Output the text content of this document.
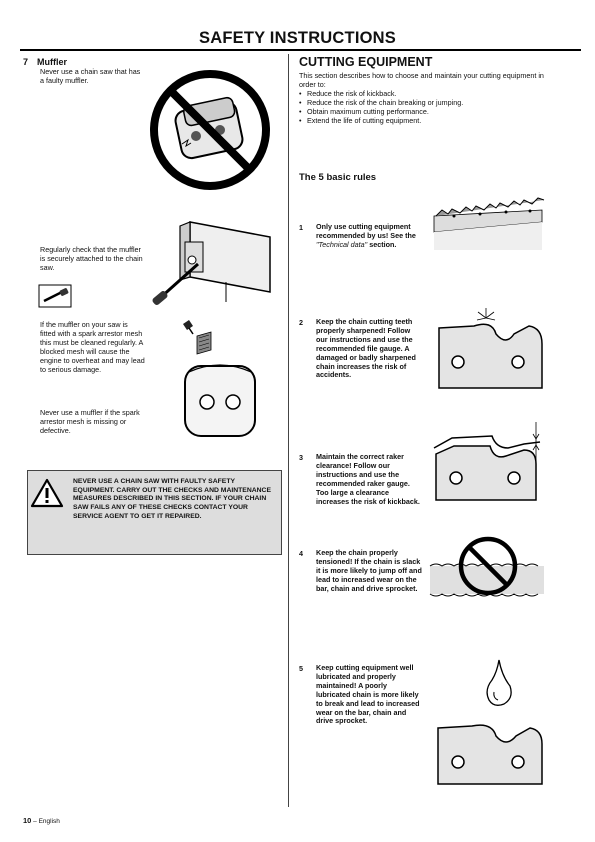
SAFETY INSTRUCTIONS
7 Muffler
Never use a chain saw that has a faulty muffler.
Regularly check that the muffler is securely attached to the chain saw.
If the muffler on your saw is fitted with a spark arrestor mesh this must be cleaned regularly. A blocked mesh will cause the engine to overheat and may lead to serious damage.
Never use a muffler if the spark arrestor mesh is missing or defective.
NEVER USE A CHAIN SAW WITH FAULTY SAFETY EQUIPMENT. CARRY OUT THE CHECKS AND MAINTENANCE MEASURES DESCRIBED IN THIS SECTION. IF YOUR CHAIN SAW FAILS ANY OF THESE CHECKS CONTACT YOUR SERVICE AGENT TO GET IT REPAIRED.
CUTTING EQUIPMENT
This section describes how to choose and maintain your cutting equipment in order to:
• Reduce the risk of kickback.
• Reduce the risk of the chain breaking or jumping.
• Obtain maximum cutting performance.
• Extend the life of cutting equipment.
The 5 basic rules
1 Only use cutting equipment recommended by us! See the "Technical data" section.
2 Keep the chain cutting teeth properly sharpened! Follow our instructions and use the recommended file gauge. A damaged or badly sharpened chain increases the risk of accidents.
3 Maintain the correct raker clearance! Follow our instructions and use the recommended raker gauge. Too large a clearance increases the risk of kickback.
4 Keep the chain properly tensioned! If the chain is slack it is more likely to jump off and lead to increased wear on the bar, chain and drive sprocket.
5 Keep cutting equipment well lubricated and properly maintained! A poorly lubricated chain is more likely to break and lead to increased wear on the bar, chain and drive sprocket.
10 – English
